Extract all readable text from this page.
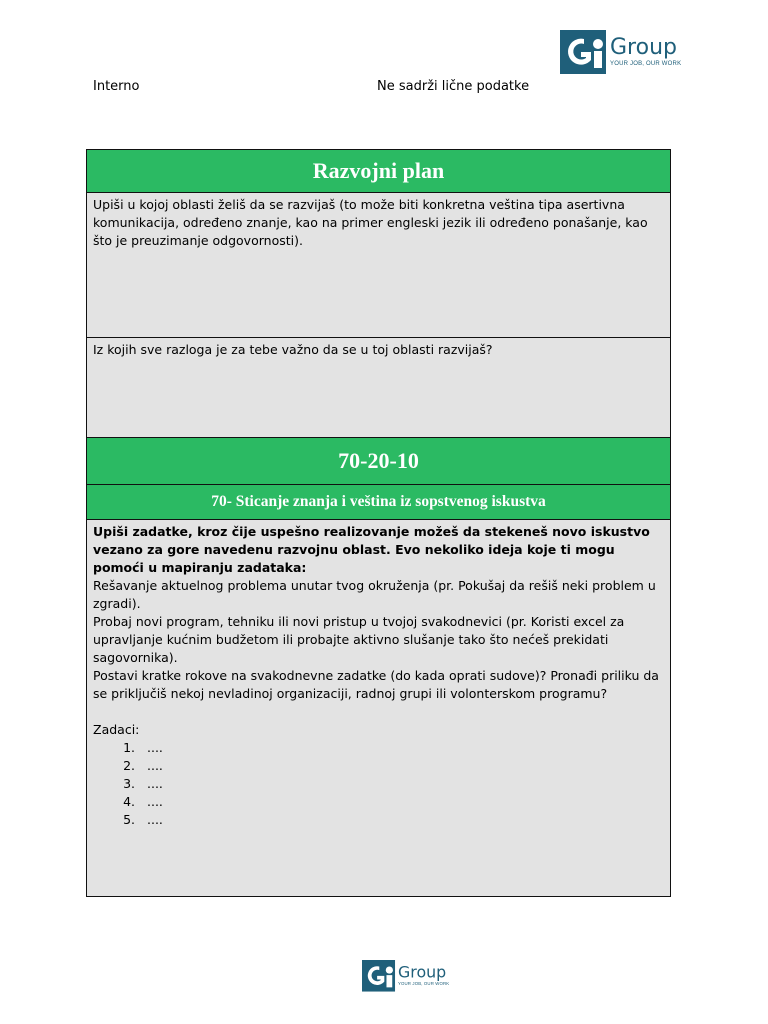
Group
YOUR JOB, OUR WORK
Interno	Ne sadrži lične podatke
Razvojni plan
Upiši u kojoj oblasti želiš da se razvijaš (to može biti konkretna veština tipa asertivna komunikacija, određeno znanje, kao na primer engleski jezik ili određeno ponašanje, kao što je preuzimanje odgovornosti).
Iz kojih sve razloga je za tebe važno da se u toj oblasti razvijaš?
70-20-10
70- Sticanje znanja i veština iz sopstvenog iskustva
Upiši zadatke, kroz čije uspešno realizovanje možeš da stekeneš novo iskustvo vezano za gore navedenu razvojnu oblast. Evo nekoliko ideja koje ti mogu pomoći u mapiranju zadataka:
Rešavanje aktuelnog problema unutar tvog okruženja (pr. Pokušaj da rešiš neki problem u zgradi).
Probaj novi program, tehniku ili novi pristup u tvojoj svakodnevici (pr. Koristi excel za upravljanje kućnim budžetom ili probajte aktivno slušanje tako što nećeš prekidati sagovornika).
Postavi kratke rokove na svakodnevne zadatke (do kada oprati sudove)? Pronađi priliku da se priključiš nekoj nevladinoj organizaciji, radnoj grupi ili volonterskom programu?
Zadaci:
1. ....
2. ....
3. ....
4. ....
5. ....
Group
YOUR JOB, OUR WORK
